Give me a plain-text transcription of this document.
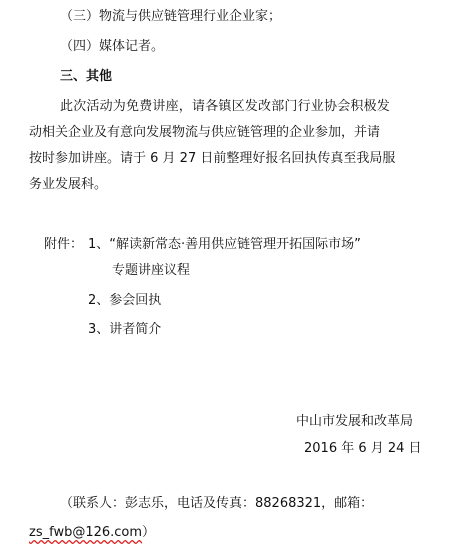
（三）物流与供应链管理行业企业家；
（四）媒体记者。
三、其他
此次活动为免费讲座，请各镇区发改部门行业协会积极发
动相关企业及有意向发展物流与供应链管理的企业参加，并请
按时参加讲座。请于 6 月 27 日前整理好报名回执传真至我局服
务业发展科。
附件： 1、“解读新常态·善用供应链管理开拓国际市场”
专题讲座议程
2、参会回执
3、讲者简介
中山市发展和改革局
2016 年 6 月 24 日
（联系人：彭志乐，电话及传真：88268321，邮箱：
zs_fwb@126.com）
